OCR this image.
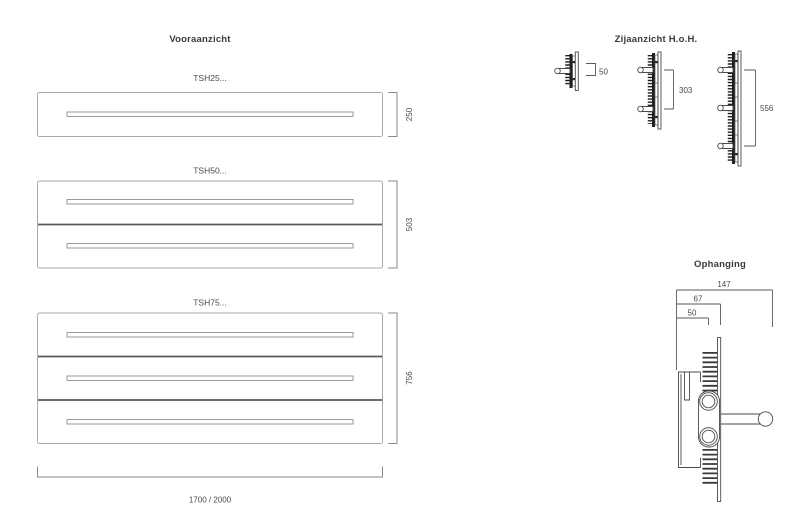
Vooraanzicht
TSH25...
250
TSH50...
503
TSH75...
756
1700 / 2000
Zijaanzicht H.o.H.
50
303
556
Ophanging
147
67
50
